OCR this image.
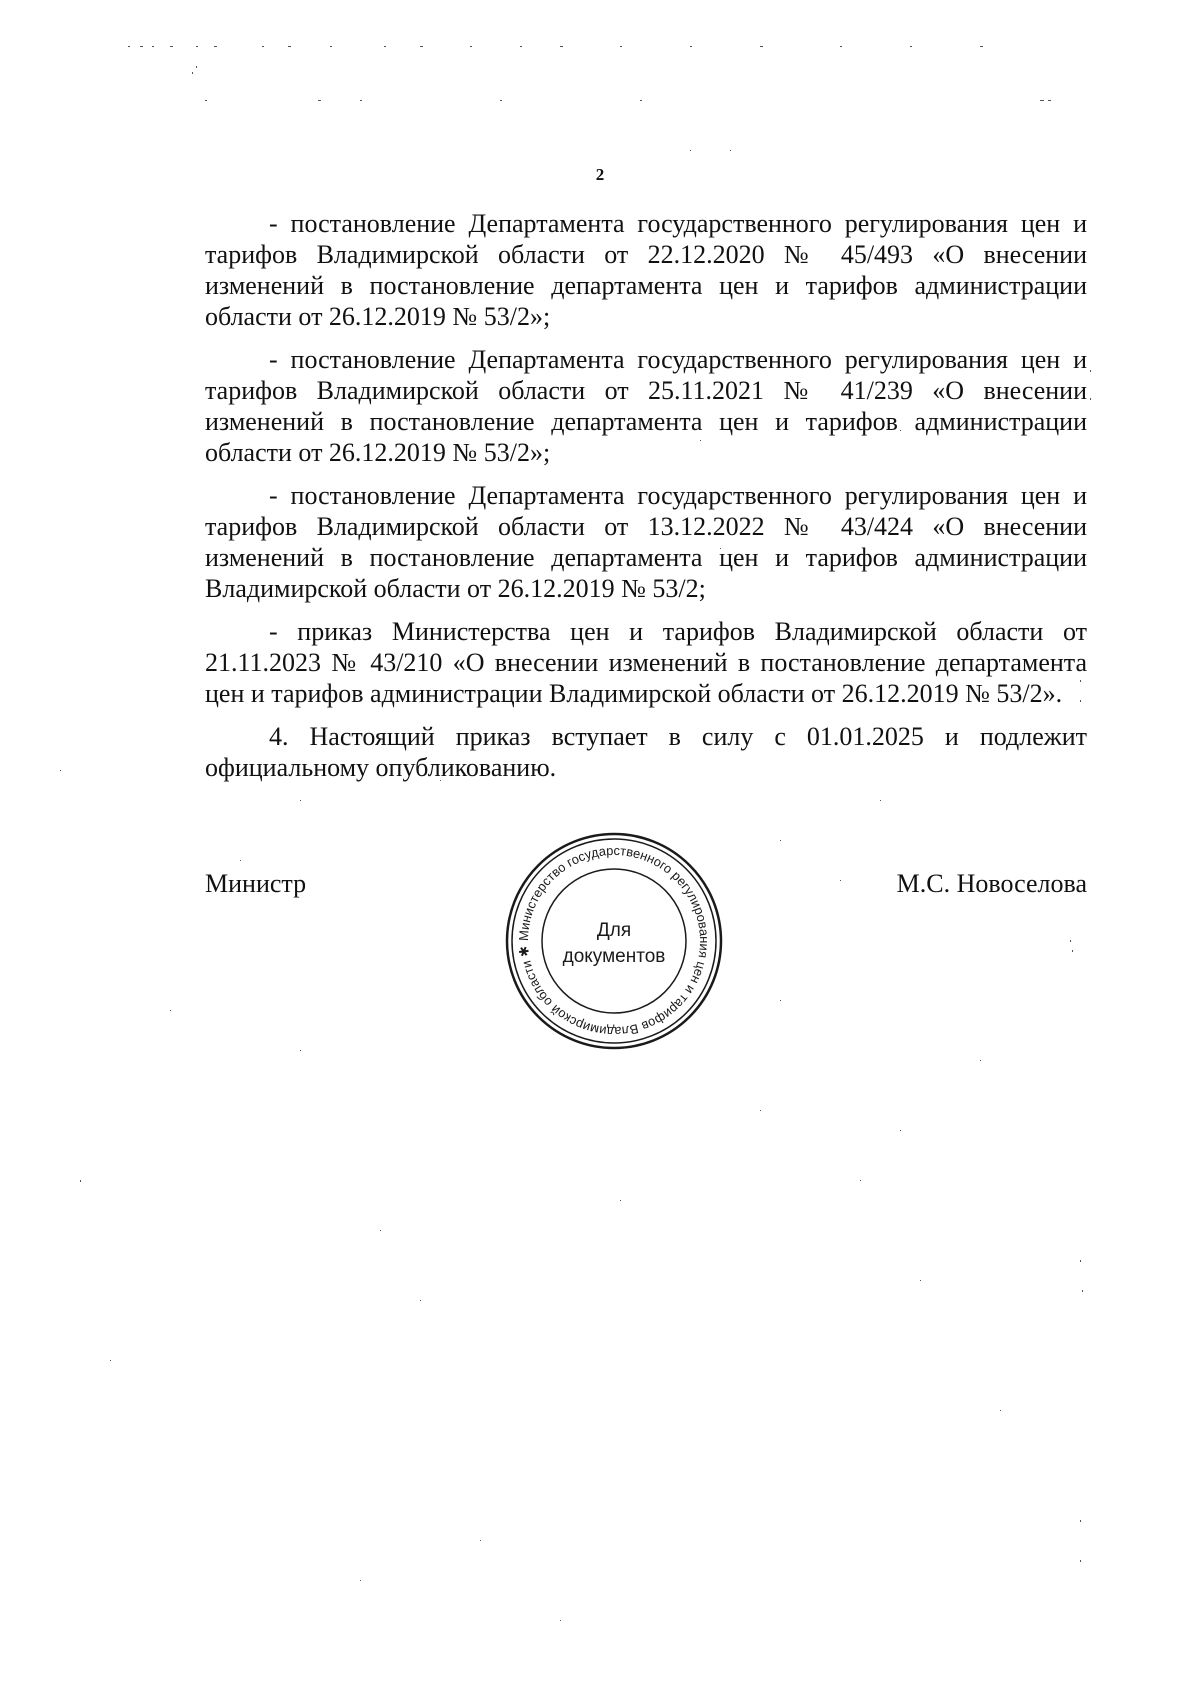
2

- постановление Департамента государственного регулирования цен и тарифов Владимирской области от 22.12.2020 № 45/493 «О внесении изменений в постановление департамента цен и тарифов администрации области от 26.12.2019 № 53/2»;

- постановление Департамента государственного регулирования цен и тарифов Владимирской области от 25.11.2021 № 41/239 «О внесении изменений в постановление департамента цен и тарифов администрации области от 26.12.2019 № 53/2»;

- постановление Департамента государственного регулирования цен и тарифов Владимирской области от 13.12.2022 № 43/424 «О внесении изменений в постановление департамента цен и тарифов администрации Владимирской области от 26.12.2019 № 53/2;

- приказ Министерства цен и тарифов Владимирской области от 21.11.2023 № 43/210 «О внесении изменений в постановление департамента цен и тарифов администрации Владимирской области от 26.12.2019 № 53/2».

4. Настоящий приказ вступает в силу с 01.01.2025 и подлежит официальному опубликованию.

Министр	М.С. Новоселова

Министерство государственного регулирования цен и тарифов Владимирской области ✱
Для
документов
